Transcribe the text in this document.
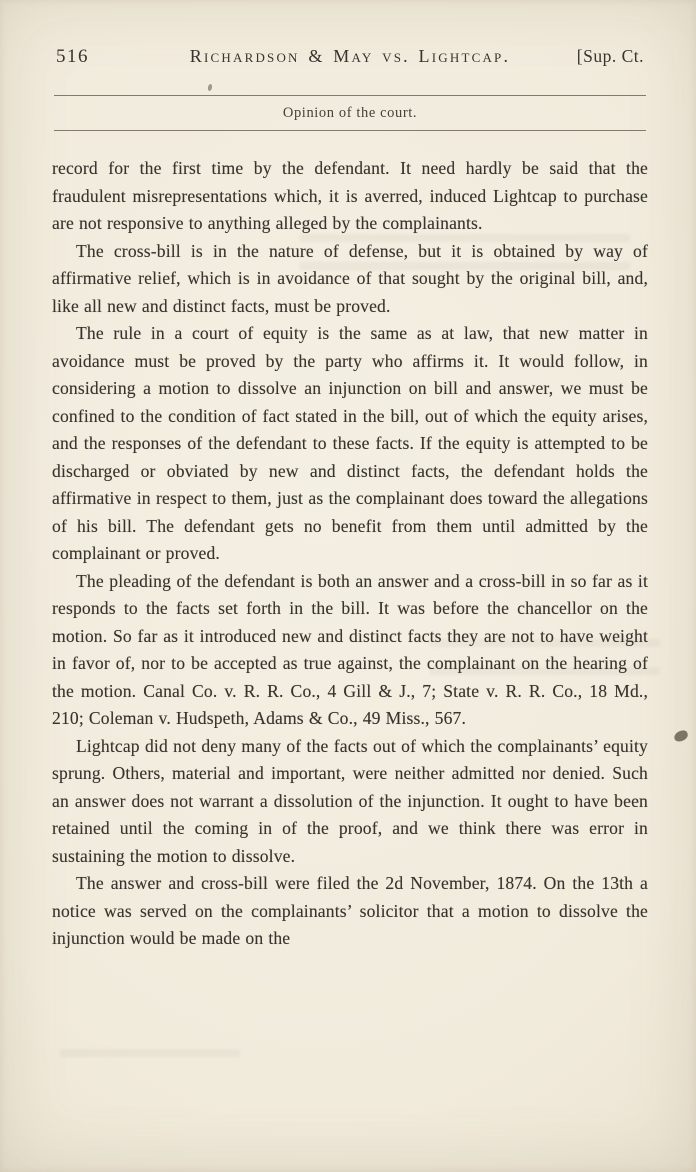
516	Richardson & May vs. Lightcap.	[Sup. Ct.
Opinion of the court.

record for the first time by the defendant. It need hardly be said that the fraudulent misrepresentations which, it is averred, induced Lightcap to purchase are not responsive to anything alleged by the complainants.

The cross-bill is in the nature of defense, but it is obtained by way of affirmative relief, which is in avoidance of that sought by the original bill, and, like all new and distinct facts, must be proved.

The rule in a court of equity is the same as at law, that new matter in avoidance must be proved by the party who affirms it. It would follow, in considering a motion to dissolve an injunction on bill and answer, we must be confined to the condition of fact stated in the bill, out of which the equity arises, and the responses of the defendant to these facts. If the equity is attempted to be discharged or obviated by new and distinct facts, the defendant holds the affirmative in respect to them, just as the complainant does toward the allegations of his bill. The defendant gets no benefit from them until admitted by the complainant or proved.

The pleading of the defendant is both an answer and a cross-bill in so far as it responds to the facts set forth in the bill. It was before the chancellor on the motion. So far as it introduced new and distinct facts they are not to have weight in favor of, nor to be accepted as true against, the complainant on the hearing of the motion. Canal Co. v. R. R. Co., 4 Gill & J., 7; State v. R. R. Co., 18 Md., 210; Coleman v. Hudspeth, Adams & Co., 49 Miss., 567.

Lightcap did not deny many of the facts out of which the complainants’ equity sprung. Others, material and important, were neither admitted nor denied. Such an answer does not warrant a dissolution of the injunction. It ought to have been retained until the coming in of the proof, and we think there was error in sustaining the motion to dissolve.

The answer and cross-bill were filed the 2d November, 1874. On the 13th a notice was served on the complainants’ solicitor that a motion to dissolve the injunction would be made on the
